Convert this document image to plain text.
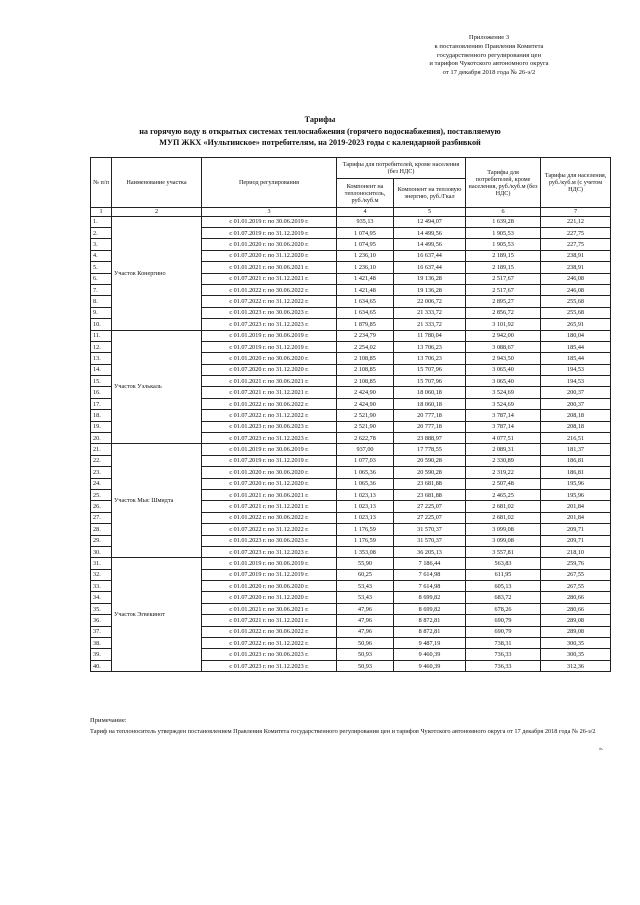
Приложение 3
к постановлению Правления Комитета
государственного регулирования цен
и тарифов Чукотского автономного округа
от 17 декабря 2018 года № 26-э/2
Тарифы
на горячую воду в открытых системах теплоснабжения (горячего водоснабжения), поставляемую
МУП ЖКХ «Иультинское» потребителям, на 2019-2023 годы с календарной разбивкой
№ п/п	Наименование участка	Период регулирования	Тарифы для потребителей, кроме населения (без НДС)		Тарифы для потребителей, кроме населения, руб./куб.м (без НДС)	Тарифы для населения, руб./куб.м (с учетом НДС)
			Компонент на теплоноситель, руб./куб.м	Компонент на тепловую энергию, руб./Гкал		
1	2	3	4	5	6	7
1.	Участок Конергино	с 01.01.2019 г. по 30.06.2019 г.	935,13	12 494,07	1 639,28	221,12
2.		с 01.07.2019 г. по 31.12.2019 г.	1 074,95	14 499,56	1 905,53	227,75
3.		с 01.01.2020 г. по 30.06.2020 г.	1 074,95	14 499,56	1 905,53	227,75
4.		с 01.07.2020 г. по 31.12.2020 г.	1 236,10	16 637,44	2 189,15	238,91
5.		с 01.01.2021 г. по 30.06.2021 г.	1 236,10	16 637,44	2 189,15	238,91
6.		с 01.07.2021 г. по 31.12.2021 г.	1 421,48	19 136,28	2 517,67	246,08
7.		с 01.01.2022 г. по 30.06.2022 г.	1 421,48	19 136,28	2 517,67	246,08
8.		с 01.07.2022 г. по 31.12.2022 г.	1 634,65	22 006,72	2 895,27	255,68
9.		с 01.01.2023 г. по 30.06.2023 г.	1 634,65	21 333,72	2 856,72	255,68
10.		с 01.07.2023 г. по 31.12.2023 г.	1 879,85	21 333,72	3 101,92	265,91
11.	Участок Уэлькаль	с 01.01.2019 г. по 30.06.2019 г.	2 234,79	11 780,04	2 942,00	180,04
12.		с 01.07.2019 г. по 31.12.2019 г.	2 254,02	13 706,23	3 088,67	185,44
13.		с 01.01.2020 г. по 30.06.2020 г.	2 108,85	13 706,23	2 943,50	185,44
14.		с 01.07.2020 г. по 31.12.2020 г.	2 108,85	15 707,96	3 065,40	194,53
15.		с 01.01.2021 г. по 30.06.2021 г.	2 108,85	15 707,96	3 065,40	194,53
16.		с 01.07.2021 г. по 31.12.2021 г.	2 424,90	18 060,18	3 524,69	200,37
17.		с 01.01.2022 г. по 30.06.2022 г.	2 424,90	18 060,18	3 524,69	200,37
18.		с 01.07.2022 г. по 31.12.2022 г.	2 521,90	20 777,18	3 787,14	208,18
19.		с 01.01.2023 г. по 30.06.2023 г.	2 521,90	20 777,18	3 787,14	208,18
20.		с 01.07.2023 г. по 31.12.2023 г.	2 622,78	23 888,97	4 077,51	216,51
21.	Участок Мыс Шмидта	с 01.01.2019 г. по 30.06.2019 г.	937,00	17 778,55	2 089,31	181,37
22.		с 01.07.2019 г. по 31.12.2019 г.	1 077,03	20 590,28	2 330,89	186,81
23.		с 01.01.2020 г. по 30.06.2020 г.	1 065,36	20 590,28	2 319,22	186,81
24.		с 01.07.2020 г. по 31.12.2020 г.	1 065,36	23 681,88	2 507,48	195,96
25.		с 01.01.2021 г. по 30.06.2021 г.	1 023,13	23 681,88	2 465,25	195,96
26.		с 01.07.2021 г. по 31.12.2021 г.	1 023,13	27 225,07	2 681,02	201,84
27.		с 01.01.2022 г. по 30.06.2022 г.	1 023,13	27 225,07	2 681,02	201,84
28.		с 01.07.2022 г. по 31.12.2022 г.	1 176,59	31 570,37	3 099,08	209,71
29.		с 01.01.2023 г. по 30.06.2023 г.	1 176,59	31 570,37	3 099,08	209,71
30.		с 01.07.2023 г. по 31.12.2023 г.	1 353,08	36 205,13	3 557,81	218,10
31.	Участок Эгвекинот	с 01.01.2019 г. по 30.06.2019 г.	55,90	7 186,44	563,83	259,76
32.		с 01.07.2019 г. по 31.12.2019 г.	60,25	7 614,98	611,95	267,55
33.		с 01.01.2020 г. по 30.06.2020 г.	53,43	7 614,98	605,13	267,55
34.		с 01.07.2020 г. по 31.12.2020 г.	53,43	8 699,82	683,72	280,66
35.		с 01.01.2021 г. по 30.06.2021 г.	47,96	8 699,82	678,26	280,66
36.		с 01.07.2021 г. по 31.12.2021 г.	47,96	8 872,81	690,79	289,08
37.		с 01.01.2022 г. по 30.06.2022 г.	47,96	8 872,81	690,79	289,08
38.		с 01.07.2022 г. по 31.12.2022 г.	50,96	9 487,19	738,31	300,35
39.		с 01.01.2023 г. по 30.06.2023 г.	50,93	9 460,39	736,33	300,35
40.		с 01.07.2023 г. по 31.12.2023 г.	50,93	9 460,39	736,33	312,36
Примечание:
Тариф на теплоноситель утвержден постановлением Правления Комитета государственного регулирования цен и тарифов Чукотского автономного округа от 17 декабря 2018 года № 26-э/2
».
